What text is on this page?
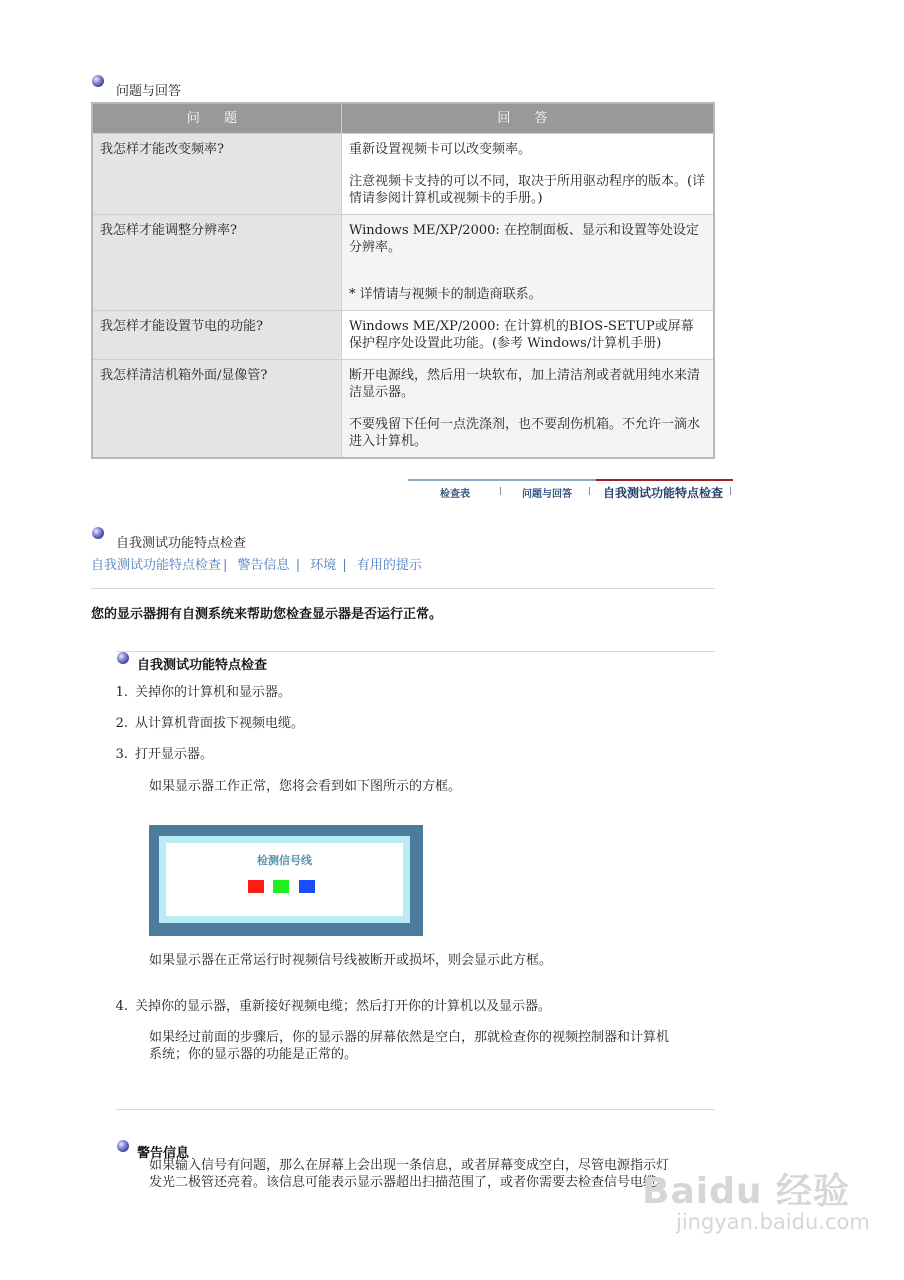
问题与回答
问 题	回 答
我怎样才能改变频率?	重新设置视频卡可以改变频率。

注意视频卡支持的可以不同，取决于所用驱动程序的版本。(详情请参阅计算机或视频卡的手册。)

我怎样才能调整分辨率?	Windows ME/XP/2000: 在控制面板、显示和设置等处设定分辨率。

* 详情请与视频卡的制造商联系。

我怎样才能设置节电的功能?	Windows ME/XP/2000: 在计算机的BIOS-SETUP或屏幕保护程序处设置此功能。(参考 Windows/计算机手册)

我怎样清洁机箱外面/显像管?	断开电源线，然后用一块软布，加上清洁剂或者就用纯水来清洁显示器。

不要残留下任何一点洗涤剂，也不要刮伤机箱。不允许一滴水进入计算机。

检查表	问题与回答	自我测试功能特点检查
自我测试功能特点检查
自我测试功能特点检查 | 警告信息 | 环境 | 有用的提示
您的显示器拥有自测系统来帮助您检查显示器是否运行正常。
自我测试功能特点检查
1. 关掉你的计算机和显示器。
2. 从计算机背面拔下视频电缆。
3. 打开显示器。
如果显示器工作正常，您将会看到如下图所示的方框。
检测信号线
如果显示器在正常运行时视频信号线被断开或损坏，则会显示此方框。
4. 关掉你的显示器，重新接好视频电缆；然后打开你的计算机以及显示器。
如果经过前面的步骤后，你的显示器的屏幕依然是空白，那就检查你的视频控制器和计算机系统；你的显示器的功能是正常的。
警告信息
如果输入信号有问题，那么在屏幕上会出现一条信息，或者屏幕变成空白，尽管电源指示灯发光二极管还亮着。该信息可能表示显示器超出扫描范围了，或者你需要去检查信号电缆。
Baidu 经验
jingyan.baidu.com
